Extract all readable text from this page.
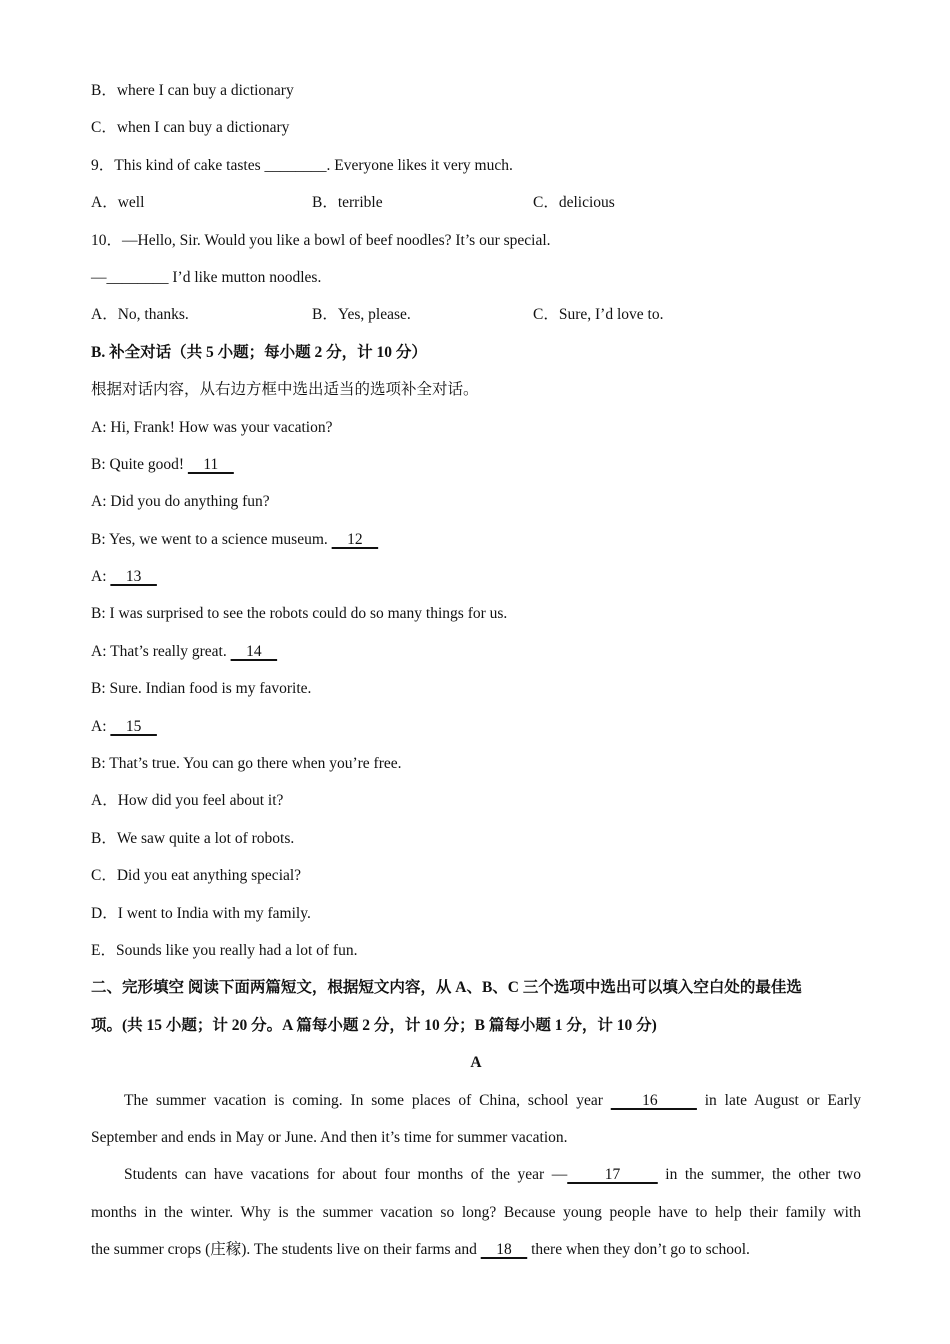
B．where I can buy a dictionary
C．when I can buy a dictionary
9．This kind of cake tastes ________. Everyone likes it very much.
A．well	B．terrible	C．delicious
10．—Hello, Sir. Would you like a bowl of beef noodles? It’s our special.
—________ I’d like mutton noodles.
A．No, thanks.	B．Yes, please.	C．Sure, I’d love to.
B. 补全对话（共 5 小题；每小题 2 分，计 10 分）
根据对话内容，从右边方框中选出适当的选项补全对话。
A: Hi, Frank! How was your vacation?
B: Quite good!     11
A: Did you do anything fun?
B: Yes, we went to a science museum.     12
A:     13
B: I was surprised to see the robots could do so many things for us.
A: That’s really great.     14
B: Sure. Indian food is my favorite.
A:     15
B: That’s true. You can go there when you’re free.
A．How did you feel about it?
B．We saw quite a lot of robots.
C．Did you eat anything special?
D．I went to India with my family.
E．Sounds like you really had a lot of fun.
二、完形填空 阅读下面两篇短文，根据短文内容，从 A、B、C 三个选项中选出可以填入空白处的最佳选
项。(共 15 小题；计 20 分。A 篇每小题 2 分，计 10 分；B 篇每小题 1 分，计 10 分)
A
The summer vacation is coming. In some places of China, school year     16      in late August or Early
September and ends in May or June. And then it’s time for summer vacation.
Students can have vacations for about four months of the year —     17      in the summer, the other two
months in the winter. Why is the summer vacation so long? Because young people have to help their family with
the summer crops (庄稼). The students live on their farms and     18     there when they don’t go to school.
